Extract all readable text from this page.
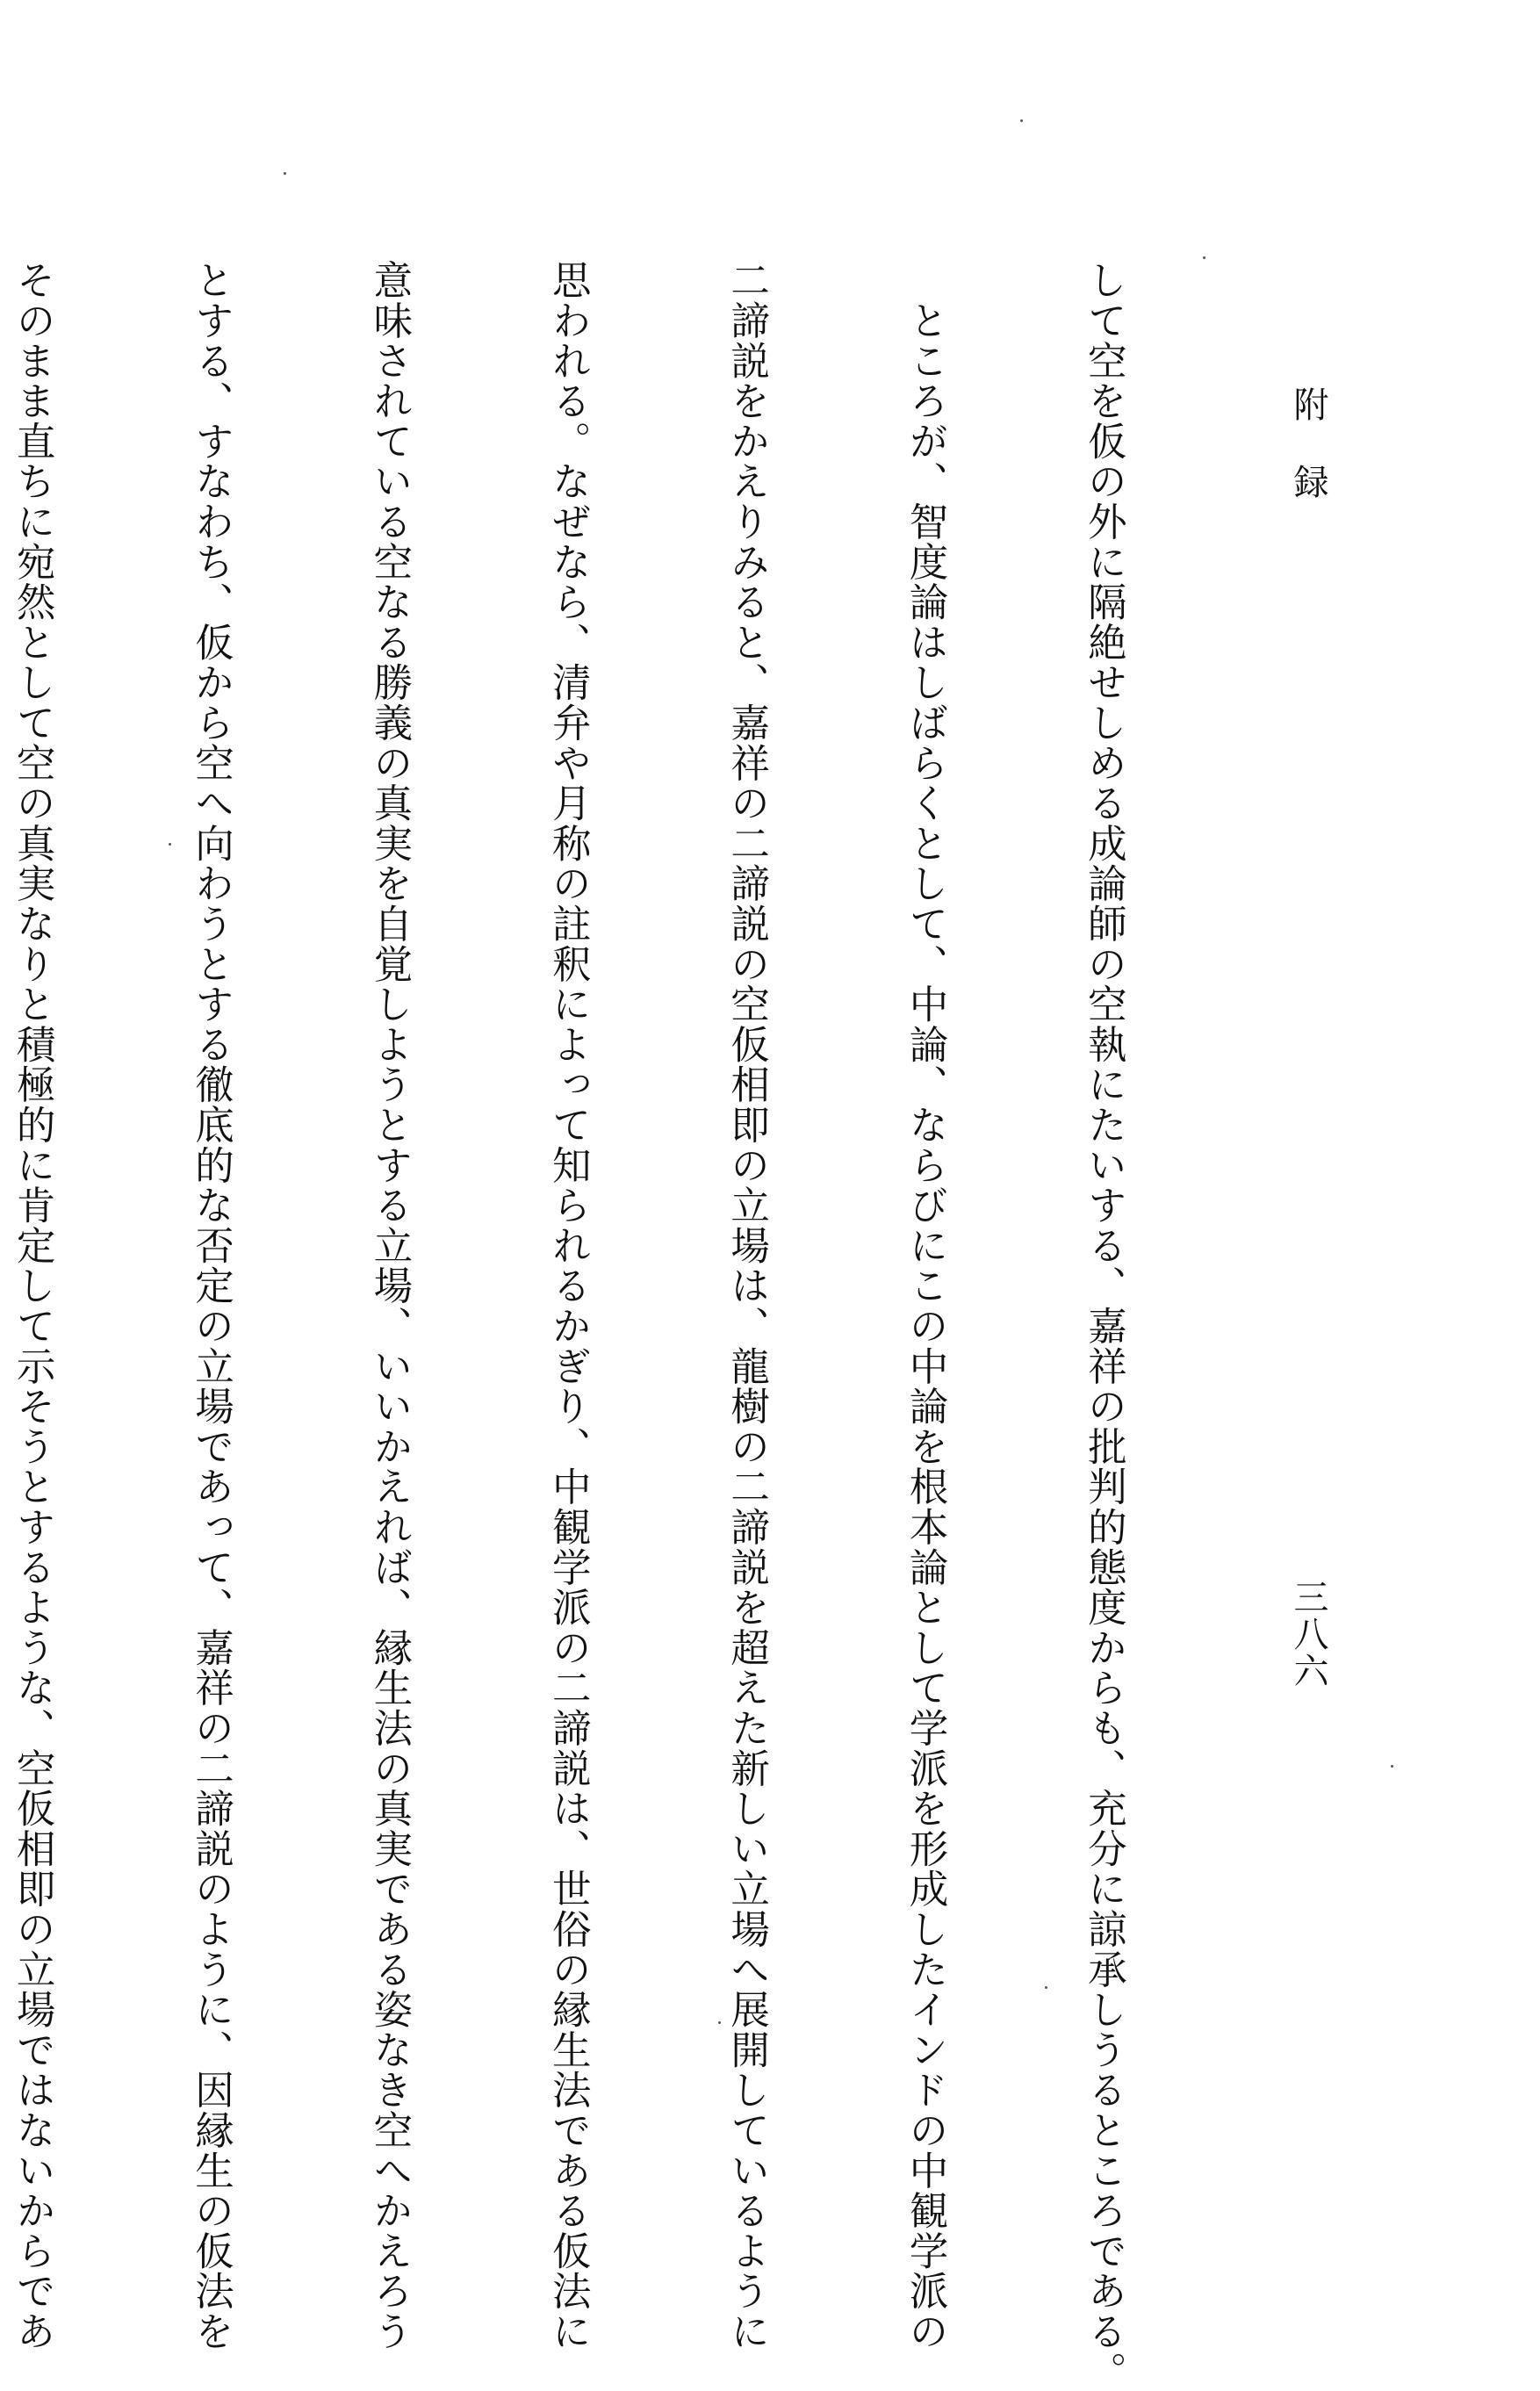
附録
三八六

して空を仮の外に隔絶せしめる成論師の空執にたいする、嘉祥の批判的態度からも、充分に諒承しうるところである。

　ところが、智度論はしばらくとして、中論、ならびにこの中論を根本論として学派を形成したインドの中観学派の

二諦説をかえりみると、嘉祥の二諦説の空仮相即の立場は、龍樹の二諦説を超えた新しい立場へ展開しているように

思われる。なぜなら、清弁や月称の註釈によって知られるかぎり、中観学派の二諦説は、世俗の縁生法である仮法に

意味されている空なる勝義の真実を自覚しようとする立場、いいかえれば、縁生法の真実である姿なき空へかえろう

とする、すなわち、仮から空へ向わうとする徹底的な否定の立場であって、嘉祥の二諦説のように、因縁生の仮法を

そのまま直ちに宛然として空の真実なりと積極的に肯定して示そうとするような、空仮相即の立場ではないからであ
